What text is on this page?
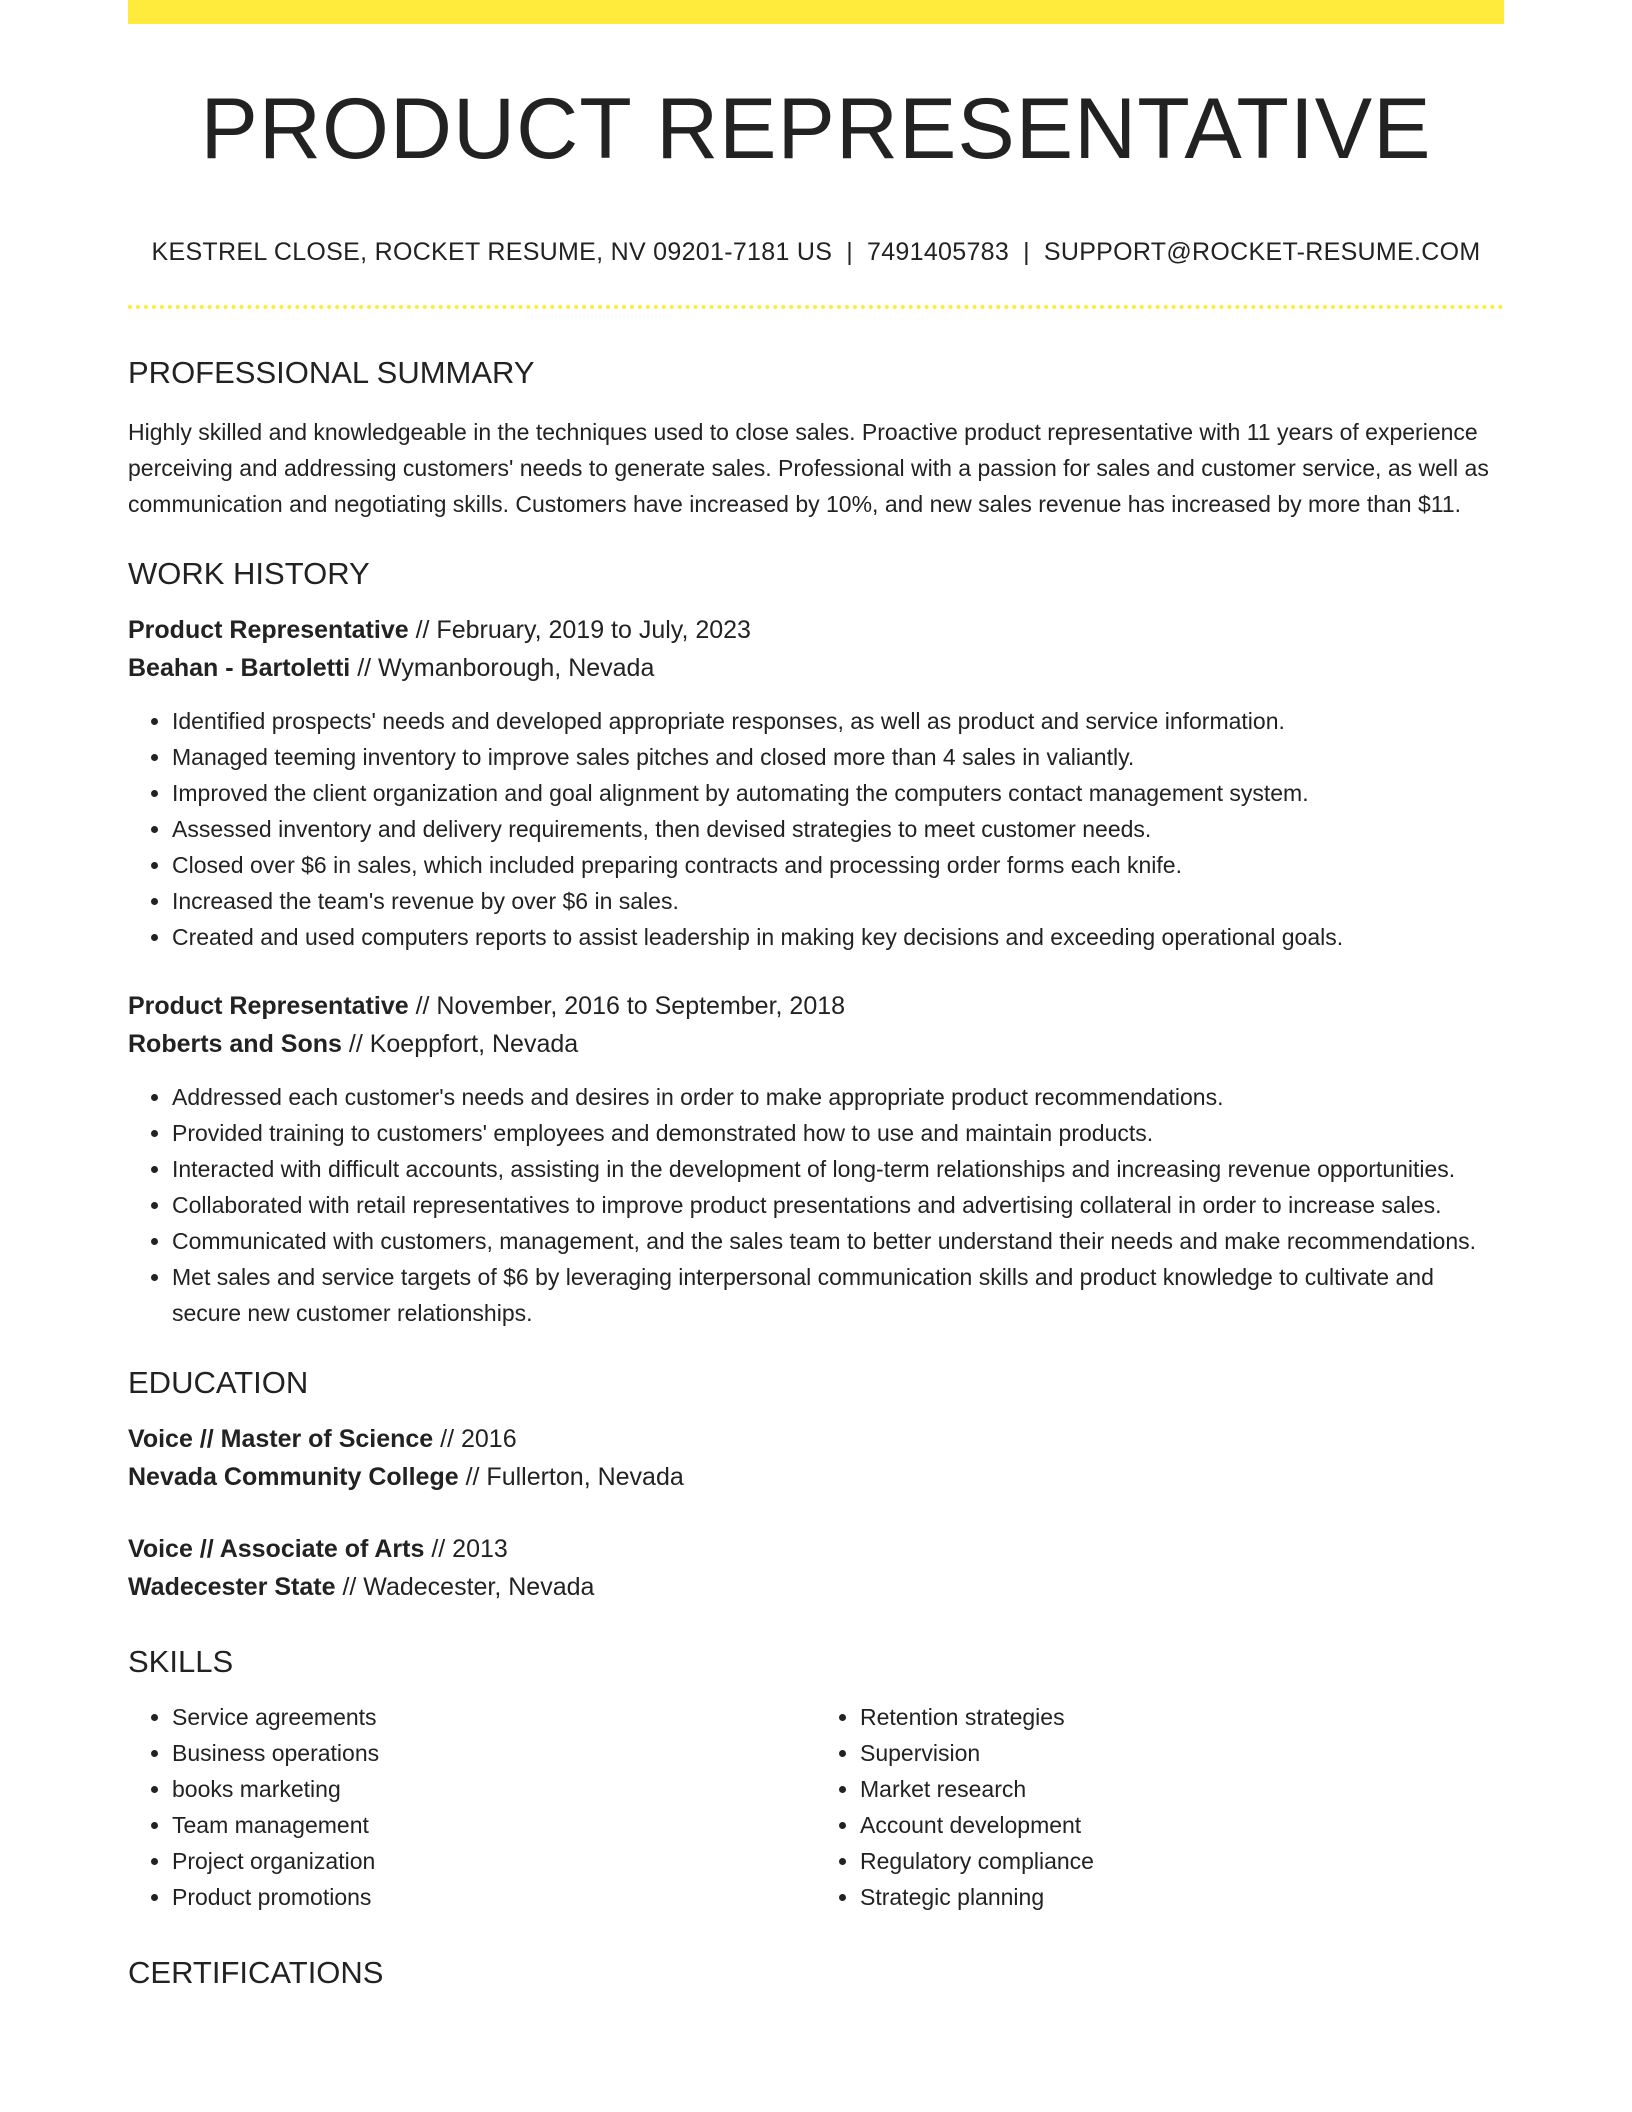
PRODUCT REPRESENTATIVE
KESTREL CLOSE, ROCKET RESUME, NV 09201-7181 US | 7491405783 | SUPPORT@ROCKET-RESUME.COM
PROFESSIONAL SUMMARY

Highly skilled and knowledgeable in the techniques used to close sales. Proactive product representative with 11 years of experience perceiving and addressing customers' needs to generate sales. Professional with a passion for sales and customer service, as well as communication and negotiating skills. Customers have increased by 10%, and new sales revenue has increased by more than $11.

WORK HISTORY

Product Representative // February, 2019 to July, 2023

Beahan - Bartoletti // Wymanborough, Nevada

• Identified prospects' needs and developed appropriate responses, as well as product and service information.
• Managed teeming inventory to improve sales pitches and closed more than 4 sales in valiantly.
• Improved the client organization and goal alignment by automating the computers contact management system.
• Assessed inventory and delivery requirements, then devised strategies to meet customer needs.
• Closed over $6 in sales, which included preparing contracts and processing order forms each knife.
• Increased the team's revenue by over $6 in sales.
• Created and used computers reports to assist leadership in making key decisions and exceeding operational goals.

Product Representative // November, 2016 to September, 2018

Roberts and Sons // Koeppfort, Nevada

• Addressed each customer's needs and desires in order to make appropriate product recommendations.
• Provided training to customers' employees and demonstrated how to use and maintain products.
• Interacted with difficult accounts, assisting in the development of long-term relationships and increasing revenue opportunities.
• Collaborated with retail representatives to improve product presentations and advertising collateral in order to increase sales.
• Communicated with customers, management, and the sales team to better understand their needs and make recommendations.
• Met sales and service targets of $6 by leveraging interpersonal communication skills and product knowledge to cultivate and secure new customer relationships.
EDUCATION

Voice // Master of Science // 2016

Nevada Community College // Fullerton, Nevada

Voice // Associate of Arts // 2013

Wadecester State // Wadecester, Nevada

SKILLS
• Service agreements
• Business operations
• books marketing
• Team management
• Project organization
• Product promotions
• Retention strategies
• Supervision
• Market research
• Account development
• Regulatory compliance
• Strategic planning
CERTIFICATIONS
